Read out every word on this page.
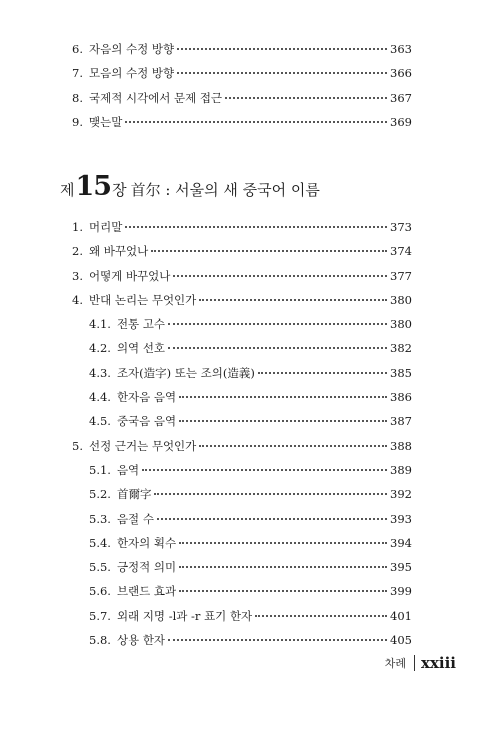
6. 자음의 수정 방향	363
7. 모음의 수정 방향	366
8. 국제적 시각에서 문제 접근	367
9. 맺는말	369
제 15 장 首尔 : 서울의 새 중국어 이름
1. 머리말	373
2. 왜 바꾸었나	374
3. 어떻게 바꾸었나	377
4. 반대 논리는 무엇인가	380
4.1. 전통 고수	380
4.2. 의역 선호	382
4.3. 조자(造字) 또는 조의(造義)	385
4.4. 한자음 음역	386
4.5. 중국음 음역	387
5. 선정 근거는 무엇인가	388
5.1. 음역	389
5.2. 首爾字	392
5.3. 음절 수	393
5.4. 한자의 획수	394
5.5. 긍정적 의미	395
5.6. 브랜드 효과	399
5.7. 외래 지명 -l과 -r 표기 한자	401
5.8. 상용 한자	405
차례 xxiii
